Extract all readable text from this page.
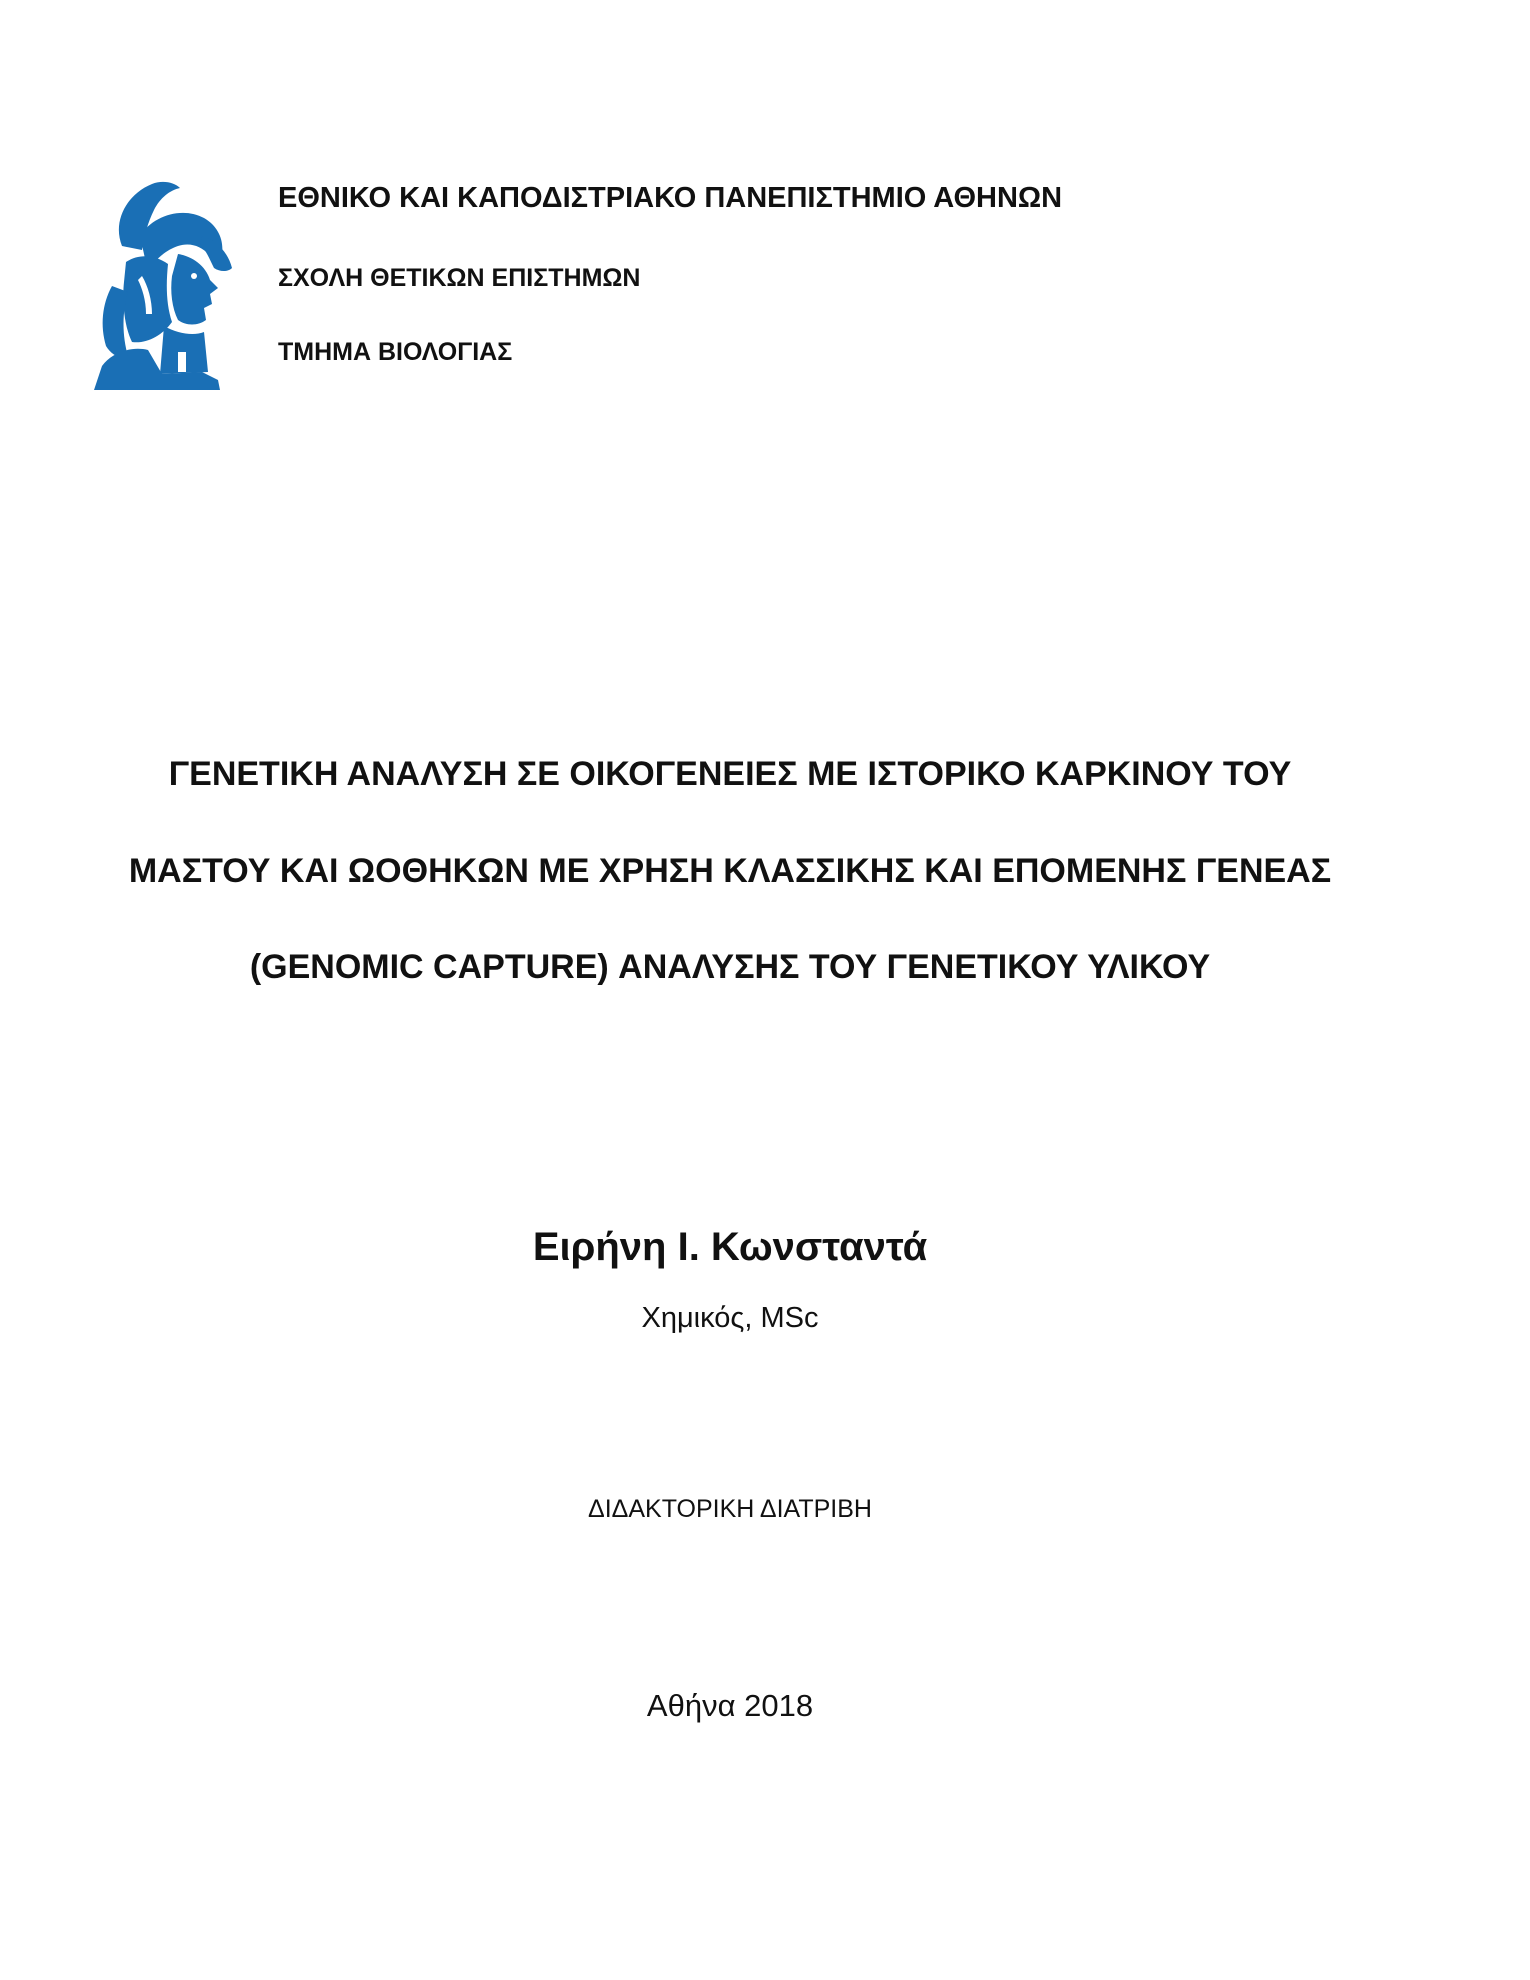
ΕΘΝΙΚΟ ΚΑΙ ΚΑΠΟΔΙΣΤΡΙΑΚΟ ΠΑΝΕΠΙΣΤΗΜΙΟ ΑΘΗΝΩΝ
ΣΧΟΛΗ ΘΕΤΙΚΩΝ ΕΠΙΣΤΗΜΩΝ
ΤΜΗΜΑ ΒΙΟΛΟΓΙΑΣ
ΓΕΝΕΤΙΚΗ ΑΝΑΛΥΣΗ ΣΕ ΟΙΚΟΓΕΝΕΙΕΣ ΜΕ ΙΣΤΟΡΙΚΟ ΚΑΡΚΙΝΟΥ ΤΟΥ
ΜΑΣΤΟΥ ΚΑΙ ΩΟΘΗΚΩΝ ΜΕ ΧΡΗΣΗ ΚΛΑΣΣΙΚΗΣ ΚΑΙ ΕΠΟΜΕΝΗΣ ΓΕΝΕΑΣ
(GENOMIC CAPTURE) ΑΝΑΛΥΣΗΣ ΤΟΥ ΓΕΝΕΤΙΚΟΥ ΥΛΙΚΟΥ
Ειρήνη Ι. Κωνσταντά
Χημικός, MSc
ΔΙΔΑΚΤΟΡΙΚΗ ΔΙΑΤΡΙΒΗ
Αθήνα 2018
